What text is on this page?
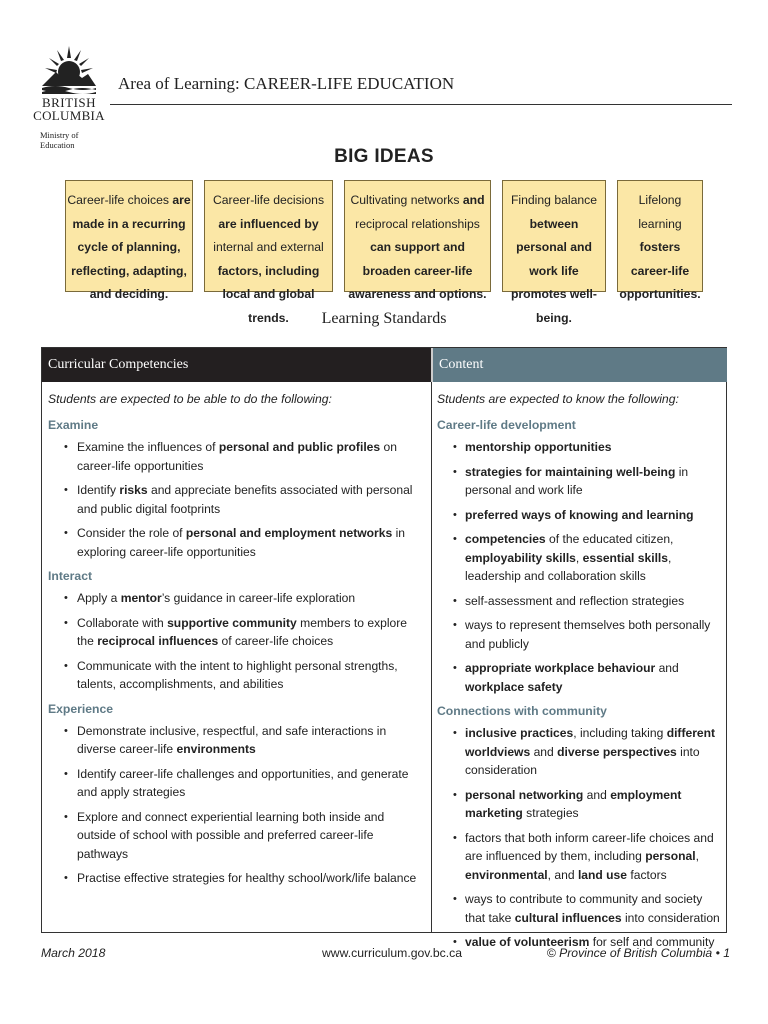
BRITISH
COLUMBIA
Ministry of Education
Area of Learning: CAREER-LIFE EDUCATION
BIG IDEAS
Career-life choices are made in a recurring cycle of planning, reflecting, adapting, and deciding.
Career-life decisions are influenced by internal and external factors, including local and global trends.
Cultivating networks and reciprocal relationships can support and broaden career-life awareness and options.
Finding balance between personal and work life promotes well-being.
Lifelong learning fosters career-life opportunities.
Learning Standards
Curricular Competencies	Content

Students are expected to be able to do the following:

Examine
• Examine the influences of personal and public profiles on career-life opportunities
• Identify risks and appreciate benefits associated with personal and public digital footprints
• Consider the role of personal and employment networks in exploring career-life opportunities
Interact
• Apply a mentor’s guidance in career-life exploration
• Collaborate with supportive community members to explore the reciprocal influences of career-life choices
• Communicate with the intent to highlight personal strengths, talents, accomplishments, and abilities
Experience
• Demonstrate inclusive, respectful, and safe interactions in diverse career-life environments
• Identify career-life challenges and opportunities, and generate and apply strategies
• Explore and connect experiential learning both inside and outside of school with possible and preferred career-life pathways
• Practise effective strategies for healthy school/work/life balance

Students are expected to know the following:

Career-life development
• mentorship opportunities
• strategies for maintaining well-being in personal and work life
• preferred ways of knowing and learning
• competencies of the educated citizen, employability skills, essential skills, leadership and collaboration skills
• self-assessment and reflection strategies
• ways to represent themselves both personally and publicly
• appropriate workplace behaviour and workplace safety
Connections with community
• inclusive practices, including taking different worldviews and diverse perspectives into consideration
• personal networking and employment marketing strategies
• factors that both inform career-life choices and are influenced by them, including personal, environmental, and land use factors
• ways to contribute to community and society that take cultural influences into consideration
• value of volunteerism for self and community
March 2018	www.curriculum.gov.bc.ca	© Province of British Columbia • 1
